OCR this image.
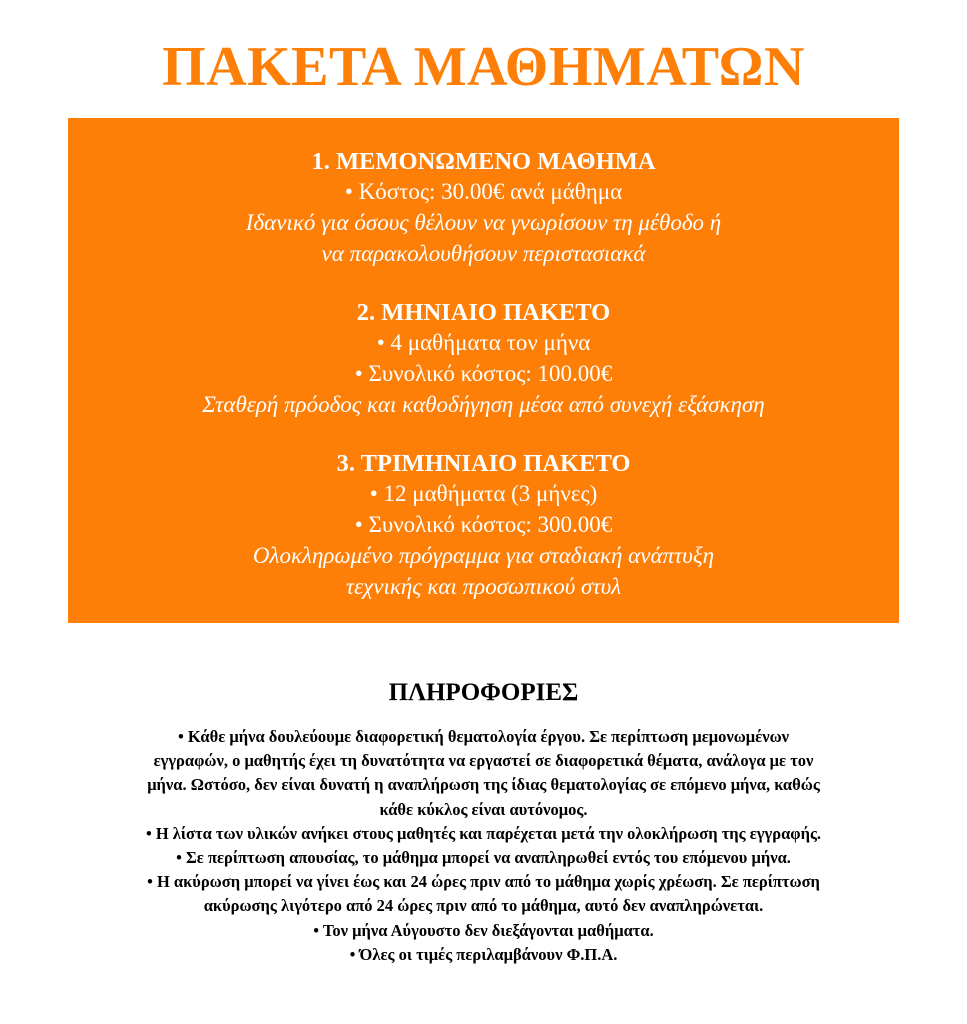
ΠΑΚΕΤΑ ΜΑΘΗΜΑΤΩΝ
1. ΜΕΜΟΝΩΜΕΝΟ ΜΑΘΗΜΑ
• Κόστος: 30.00€ ανά μάθημα
Ιδανικό για όσους θέλουν να γνωρίσουν τη μέθοδο ή
να παρακολουθήσουν περιστασιακά
2. ΜΗΝΙΑΙΟ ΠΑΚΕΤΟ
• 4 μαθήματα τον μήνα
• Συνολικό κόστος: 100.00€
Σταθερή πρόοδος και καθοδήγηση μέσα από συνεχή εξάσκηση
3. ΤΡΙΜΗΝΙΑΙΟ ΠΑΚΕΤΟ
• 12 μαθήματα (3 μήνες)
• Συνολικό κόστος: 300.00€
Ολοκληρωμένο πρόγραμμα για σταδιακή ανάπτυξη
τεχνικής και προσωπικού στυλ
ΠΛΗΡΟΦΟΡΙΕΣ
• Κάθε μήνα δουλεύουμε διαφορετική θεματολογία έργου. Σε περίπτωση μεμονωμένων
εγγραφών, ο μαθητής έχει τη δυνατότητα να εργαστεί σε διαφορετικά θέματα, ανάλογα με τον
μήνα. Ωστόσο, δεν είναι δυνατή η αναπλήρωση της ίδιας θεματολογίας σε επόμενο μήνα, καθώς
κάθε κύκλος είναι αυτόνομος.
• Η λίστα των υλικών ανήκει στους μαθητές και παρέχεται μετά την ολοκλήρωση της εγγραφής.
• Σε περίπτωση απουσίας, το μάθημα μπορεί να αναπληρωθεί εντός του επόμενου μήνα.
• Η ακύρωση μπορεί να γίνει έως και 24 ώρες πριν από το μάθημα χωρίς χρέωση. Σε περίπτωση
ακύρωσης λιγότερο από 24 ώρες πριν από το μάθημα, αυτό δεν αναπληρώνεται.
• Τον μήνα Αύγουστο δεν διεξάγονται μαθήματα.
• Όλες οι τιμές περιλαμβάνουν Φ.Π.Α.
